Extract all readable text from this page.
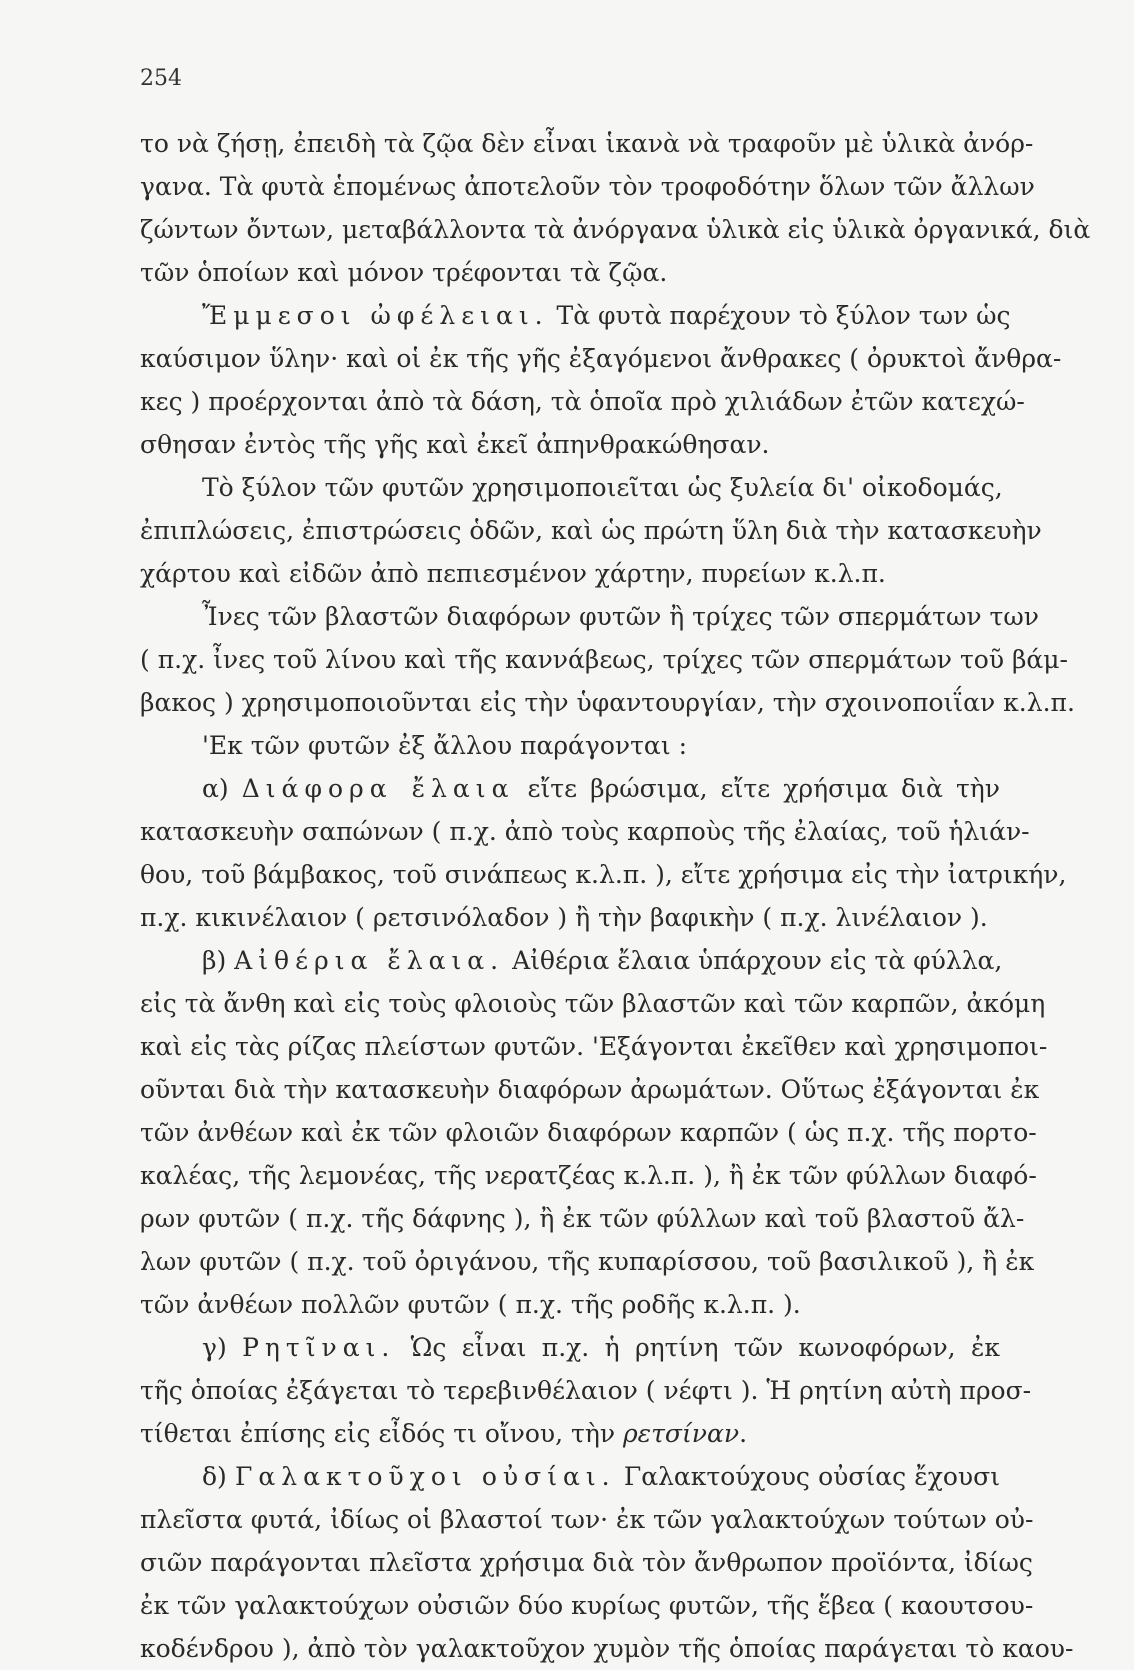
254
το νὰ ζήσῃ, ἐπειδὴ τὰ ζῷα δὲν εἶναι ἱκανὰ νὰ τραφοῦν μὲ ὑλικὰ ἀνόρ-
γανα. Τὰ φυτὰ ἑπομένως ἀποτελοῦν τὸν τροφοδότην ὅλων τῶν ἄλλων
ζώντων ὄντων, μεταβάλλοντα τὰ ἀνόργανα ὑλικὰ εἰς ὑλικὰ ὀργανικά, διὰ
τῶν ὁποίων καὶ μόνον τρέφονται τὰ ζῷα.
Ἔμμεσοι ὠφέλειαι. Τὰ φυτὰ παρέχουν τὸ ξύλον των ὡς
καύσιμον ὕλην· καὶ οἱ ἐκ τῆς γῆς ἐξαγόμενοι ἄνθρακες ( ὀρυκτοὶ ἄνθρα-
κες ) προέρχονται ἀπὸ τὰ δάση, τὰ ὁποῖα πρὸ χιλιάδων ἐτῶν κατεχώ-
σθησαν ἐντὸς τῆς γῆς καὶ ἐκεῖ ἀπηνθρακώθησαν.
Τὸ ξύλον τῶν φυτῶν χρησιμοποιεῖται ὡς ξυλεία δι' οἰκοδομάς,
ἐπιπλώσεις, ἐπιστρώσεις ὁδῶν, καὶ ὡς πρώτη ὕλη διὰ τὴν κατασκευὴν
χάρτου καὶ εἰδῶν ἀπὸ πεπιεσμένον χάρτην, πυρείων κ.λ.π.
Ἶνες τῶν βλαστῶν διαφόρων φυτῶν ἢ τρίχες τῶν σπερμάτων των
( π.χ. ἶνες τοῦ λίνου καὶ τῆς καννάβεως, τρίχες τῶν σπερμάτων τοῦ βάμ-
βακος ) χρησιμοποιοῦνται εἰς τὴν ὑφαντουργίαν, τὴν σχοινοποιΐαν κ.λ.π.
'Εκ τῶν φυτῶν ἐξ ἄλλου παράγονται :
α) Διάφορα ἔλαια εἴτε βρώσιμα, εἴτε χρήσιμα διὰ τὴν
κατασκευὴν σαπώνων ( π.χ. ἀπὸ τοὺς καρποὺς τῆς ἐλαίας, τοῦ ἡλιάν-
θου, τοῦ βάμβακος, τοῦ σινάπεως κ.λ.π. ), εἴτε χρήσιμα εἰς τὴν ἰατρικήν,
π.χ. κικινέλαιον ( ρετσινόλαδον ) ἢ τὴν βαφικὴν ( π.χ. λινέλαιον ).
β) Αἰθέρια ἔλαια. Αἰθέρια ἔλαια ὑπάρχουν εἰς τὰ φύλλα,
εἰς τὰ ἄνθη καὶ εἰς τοὺς φλοιοὺς τῶν βλαστῶν καὶ τῶν καρπῶν, ἀκόμη
καὶ εἰς τὰς ρίζας πλείστων φυτῶν. 'Εξάγονται ἐκεῖθεν καὶ χρησιμοποι-
οῦνται διὰ τὴν κατασκευὴν διαφόρων ἀρωμάτων. Οὕτως ἐξάγονται ἐκ
τῶν ἀνθέων καὶ ἐκ τῶν φλοιῶν διαφόρων καρπῶν ( ὡς π.χ. τῆς πορτο-
καλέας, τῆς λεμονέας, τῆς νερατζέας κ.λ.π. ), ἢ ἐκ τῶν φύλλων διαφό-
ρων φυτῶν ( π.χ. τῆς δάφνης ), ἢ ἐκ τῶν φύλλων καὶ τοῦ βλαστοῦ ἄλ-
λων φυτῶν ( π.χ. τοῦ ὀριγάνου, τῆς κυπαρίσσου, τοῦ βασιλικοῦ ), ἢ ἐκ
τῶν ἀνθέων πολλῶν φυτῶν ( π.χ. τῆς ροδῆς κ.λ.π. ).
γ) Ρητῖναι. Ὡς εἶναι π.χ. ἡ ρητίνη τῶν κωνοφόρων, ἐκ
τῆς ὁποίας ἐξάγεται τὸ τερεβινθέλαιον ( νέφτι ). Ἡ ρητίνη αὐτὴ προσ-
τίθεται ἐπίσης εἰς εἶδός τι οἴνου, τὴν ρετσίναν.
δ) Γαλακτοῦχοι οὐσίαι. Γαλακτούχους οὐσίας ἔχουσι
πλεῖστα φυτά, ἰδίως οἱ βλαστοί των· ἐκ τῶν γαλακτούχων τούτων οὐ-
σιῶν παράγονται πλεῖστα χρήσιμα διὰ τὸν ἄνθρωπον προϊόντα, ἰδίως
ἐκ τῶν γαλακτούχων οὐσιῶν δύο κυρίως φυτῶν, τῆς ἕβεα ( καουτσου-
κοδένδρου ), ἀπὸ τὸν γαλακτοῦχον χυμὸν τῆς ὁποίας παράγεται τὸ καου-
